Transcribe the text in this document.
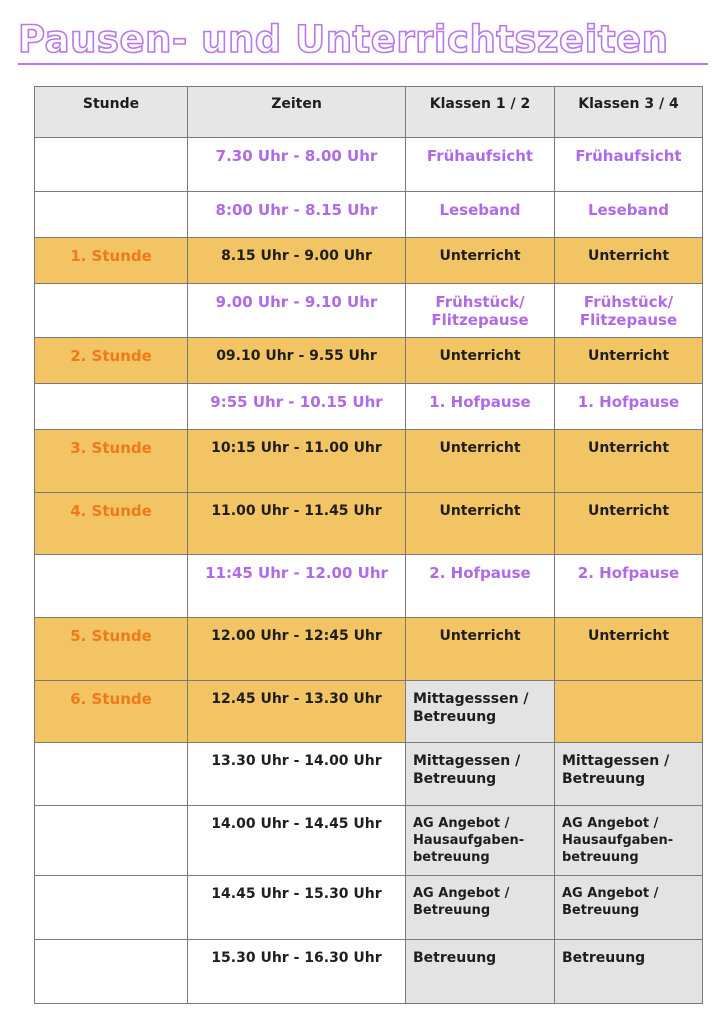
Pausen- und Unterrichtszeiten
Stunde	Zeiten	Klassen 1 / 2	Klassen 3 / 4

	7.30 Uhr - 8.00 Uhr	Frühaufsicht	Frühaufsicht

	8:00 Uhr - 8.15 Uhr	Leseband	Leseband

1. Stunde	8.15 Uhr - 9.00 Uhr	Unterricht	Unterricht

	9.00 Uhr - 9.10 Uhr	Frühstück/ Flitzepause	Frühstück/ Flitzepause

2. Stunde	09.10 Uhr - 9.55 Uhr	Unterricht	Unterricht

	9:55 Uhr - 10.15 Uhr	1. Hofpause	1. Hofpause

3. Stunde	10:15 Uhr - 11.00 Uhr	Unterricht	Unterricht

4. Stunde	11.00 Uhr - 11.45 Uhr	Unterricht	Unterricht

	11:45 Uhr - 12.00 Uhr	2. Hofpause	2. Hofpause

5. Stunde	12.00 Uhr - 12:45 Uhr	Unterricht	Unterricht

6. Stunde	12.45 Uhr - 13.30 Uhr	Mittagesssen / Betreuung	

	13.30 Uhr - 14.00 Uhr	Mittagessen / Betreuung	Mittagessen / Betreuung

	14.00 Uhr - 14.45 Uhr	AG Angebot / Hausaufgaben-betreuung	AG Angebot / Hausaufgaben-betreuung

	14.45 Uhr - 15.30 Uhr	AG Angebot / Betreuung	AG Angebot / Betreuung

	15.30 Uhr - 16.30 Uhr	Betreuung	Betreuung
